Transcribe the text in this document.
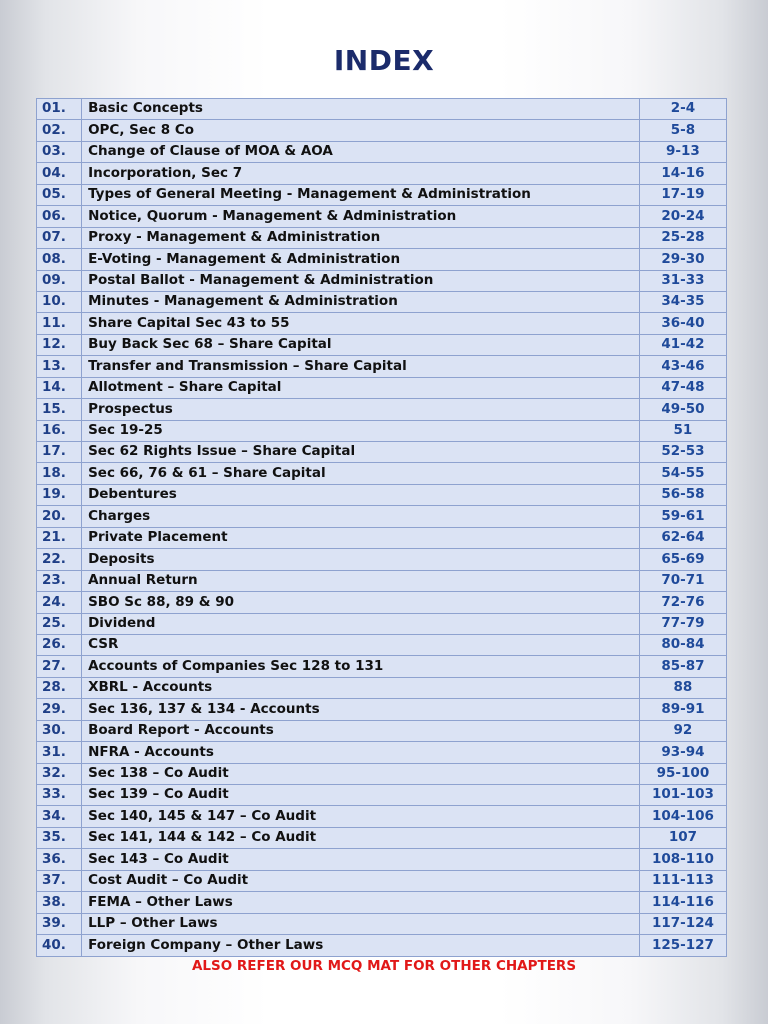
INDEX
01.	Basic Concepts	2-4
02.	OPC, Sec 8 Co	5-8
03.	Change of Clause of MOA & AOA	9-13
04.	Incorporation, Sec 7	14-16
05.	Types of General Meeting - Management & Administration	17-19
06.	Notice, Quorum - Management & Administration	20-24
07.	Proxy - Management & Administration	25-28
08.	E-Voting - Management & Administration	29-30
09.	Postal Ballot - Management & Administration	31-33
10.	Minutes - Management & Administration	34-35
11.	Share Capital Sec 43 to 55	36-40
12.	Buy Back Sec 68 – Share Capital	41-42
13.	Transfer and Transmission – Share Capital	43-46
14.	Allotment – Share Capital	47-48
15.	Prospectus	49-50
16.	Sec 19-25	51
17.	Sec 62 Rights Issue – Share Capital	52-53
18.	Sec 66, 76 & 61 – Share Capital	54-55
19.	Debentures	56-58
20.	Charges	59-61
21.	Private Placement	62-64
22.	Deposits	65-69
23.	Annual Return	70-71
24.	SBO Sc 88, 89 & 90	72-76
25.	Dividend	77-79
26.	CSR	80-84
27.	Accounts of Companies Sec 128 to 131	85-87
28.	XBRL - Accounts	88
29.	Sec 136, 137 & 134 - Accounts	89-91
30.	Board Report - Accounts	92
31.	NFRA - Accounts	93-94
32.	Sec 138 – Co Audit	95-100
33.	Sec 139 – Co Audit	101-103
34.	Sec 140, 145 & 147 – Co Audit	104-106
35.	Sec 141, 144 & 142 – Co Audit	107
36.	Sec 143 – Co Audit	108-110
37.	Cost Audit – Co Audit	111-113
38.	FEMA – Other Laws	114-116
39.	LLP – Other Laws	117-124
40.	Foreign Company – Other Laws	125-127
ALSO REFER OUR MCQ MAT FOR OTHER CHAPTERS
